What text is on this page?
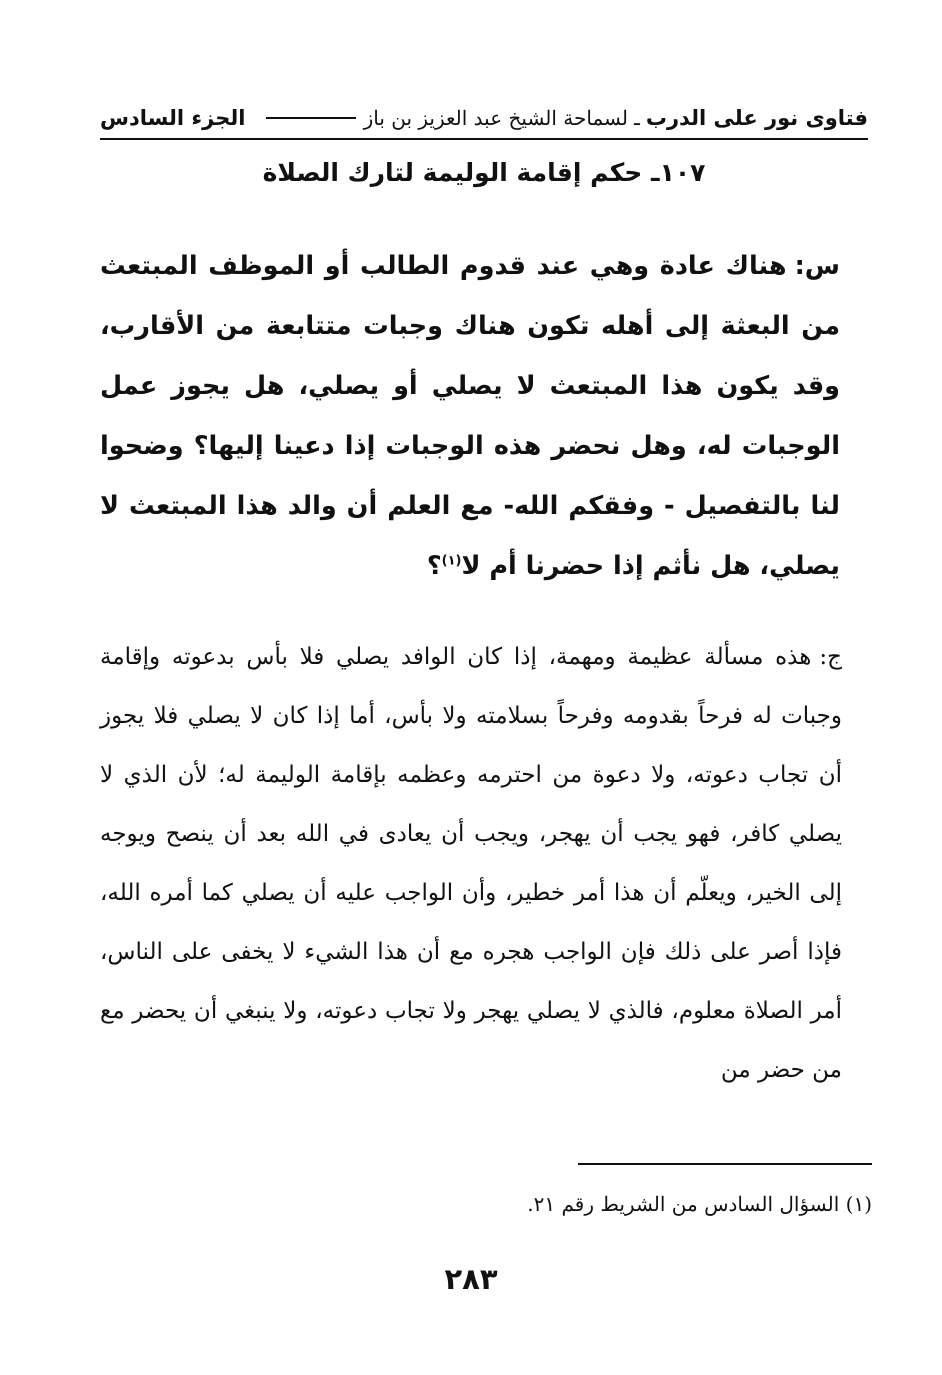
فتاوى نور على الدرب
ـ
لسماحة الشيخ عبد العزيز بن باز
الجزء السادس
١٠٧ـ حكم إقامة الوليمة لتارك الصلاة
س:هناك عادة وهي عند قدوم الطالب أو الموظف المبتعث من البعثة إلى أهله تكون هناك وجبات متتابعة من الأقارب، وقد يكون هذا المبتعث لا يصلي أو يصلي، هل يجوز عمل الوجبات له، وهل نحضر هذه الوجبات إذا دعينا إليها؟ وضحوا لنا بالتفصيل - وفقكم الله- مع العلم أن والد هذا المبتعث لا يصلي، هل نأثم إذا حضرنا أم لا$^{(١)}$؟
ج:هذه مسألة عظيمة ومهمة، إذا كان الوافد يصلي فلا بأس بدعوته وإقامة وجبات له فرحاً بقدومه وفرحاً بسلامته ولا بأس، أما إذا كان لا يصلي فلا يجوز أن تجاب دعوته، ولا دعوة من احترمه وعظمه بإقامة الوليمة له؛ لأن الذي لا يصلي كافر، فهو يجب أن يهجر، ويجب أن يعادى في الله بعد أن ينصح ويوجه إلى الخير، ويعلّم أن هذا أمر خطير، وأن الواجب عليه أن يصلي كما أمره الله، فإذا أصر على ذلك فإن الواجب هجره مع أن هذا الشيء لا يخفى على الناس، أمر الصلاة معلوم، فالذي لا يصلي يهجر ولا تجاب دعوته، ولا ينبغي أن يحضر مع من حضر من
(١) السؤال السادس من الشريط رقم ٢١.
٢٨٣
